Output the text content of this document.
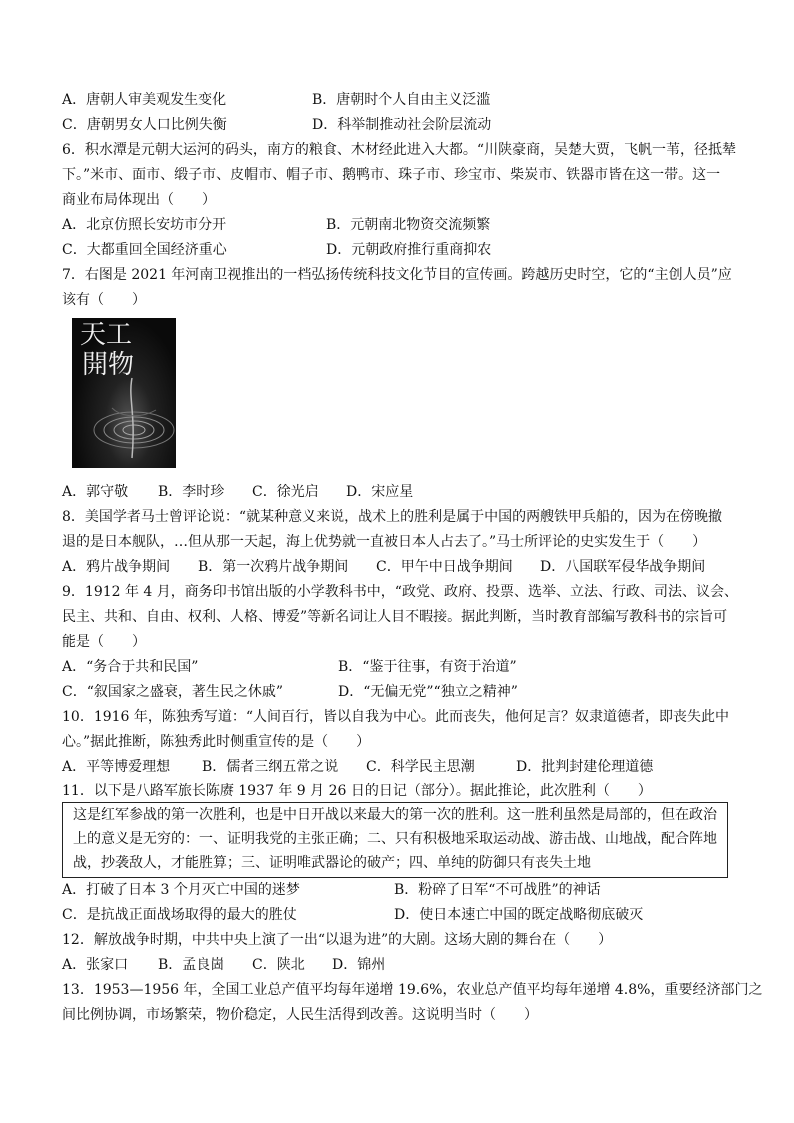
A．唐朝人审美观发生变化	B．唐朝时个人自由主义泛滥
C．唐朝男女人口比例失衡	D．科举制推动社会阶层流动
6．积水潭是元朝大运河的码头，南方的粮食、木材经此进入大都。“川陕豪商，吴楚大贾，飞帆一苇，径抵辇
下。”米市、面市、缎子市、皮帽市、帽子市、鹅鸭市、珠子市、珍宝市、柴炭市、铁器市皆在这一带。这一
商业布局体现出（　　）
A．北京仿照长安坊市分开	B．元朝南北物资交流频繁
C．大都重回全国经济重心	D．元朝政府推行重商抑农
7．右图是 2021 年河南卫视推出的一档弘扬传统科技文化节目的宣传画。跨越历史时空，它的“主创人员”应
该有（　　）
天工
開物
A．郭守敬 B．李时珍 C．徐光启 D．宋应星
8．美国学者马士曾评论说：“就某种意义来说，战术上的胜利是属于中国的两艘铁甲兵船的，因为在傍晚撤
退的是日本舰队，…但从那一天起，海上优势就一直被日本人占去了。”马士所评论的史实发生于（　　）
A．鸦片战争期间 B．第一次鸦片战争期间 C．甲午中日战争期间 D．八国联军侵华战争期间
9．1912 年 4 月，商务印书馆出版的小学教科书中，“政党、政府、投票、选举、立法、行政、司法、议会、
民主、共和、自由、权利、人格、博爱”等新名词让人目不暇接。据此判断，当时教育部编写教科书的宗旨可
能是（　　）
A．“务合于共和民国”	B．“鉴于往事，有资于治道”
C．“叙国家之盛衰，著生民之休戚”	D．“无偏无党”“独立之精神”
10．1916 年，陈独秀写道：“人间百行，皆以自我为中心。此而丧失，他何足言？奴隶道德者，即丧失此中
心。”据此推断，陈独秀此时侧重宣传的是（　　）
A．平等博爱理想 B．儒者三纲五常之说 C．科学民主思潮	D．批判封建伦理道德
11．以下是八路军旅长陈赓 1937 年 9 月 26 日的日记（部分）。据此推论，此次胜利（　　）
这是红军参战的第一次胜利，也是中日开战以来最大的第一次的胜利。这一胜利虽然是局部的，但在政治
上的意义是无穷的：一、证明我党的主张正确；二、只有积极地采取运动战、游击战、山地战，配合阵地
战，抄袭敌人，才能胜算；三、证明唯武器论的破产；四、单纯的防御只有丧失土地
A．打破了日本 3 个月灭亡中国的迷梦	B．粉碎了日军“不可战胜”的神话
C．是抗战正面战场取得的最大的胜仗	D．使日本速亡中国的既定战略彻底破灭
12．解放战争时期，中共中央上演了一出“以退为进”的大剧。这场大剧的舞台在（　　）
A．张家口 B．孟良崮 C．陕北 D．锦州
13．1953—1956 年，全国工业总产值平均每年递增 19.6%，农业总产值平均每年递增 4.8%，重要经济部门之
间比例协调，市场繁荣，物价稳定，人民生活得到改善。这说明当时（　　）
